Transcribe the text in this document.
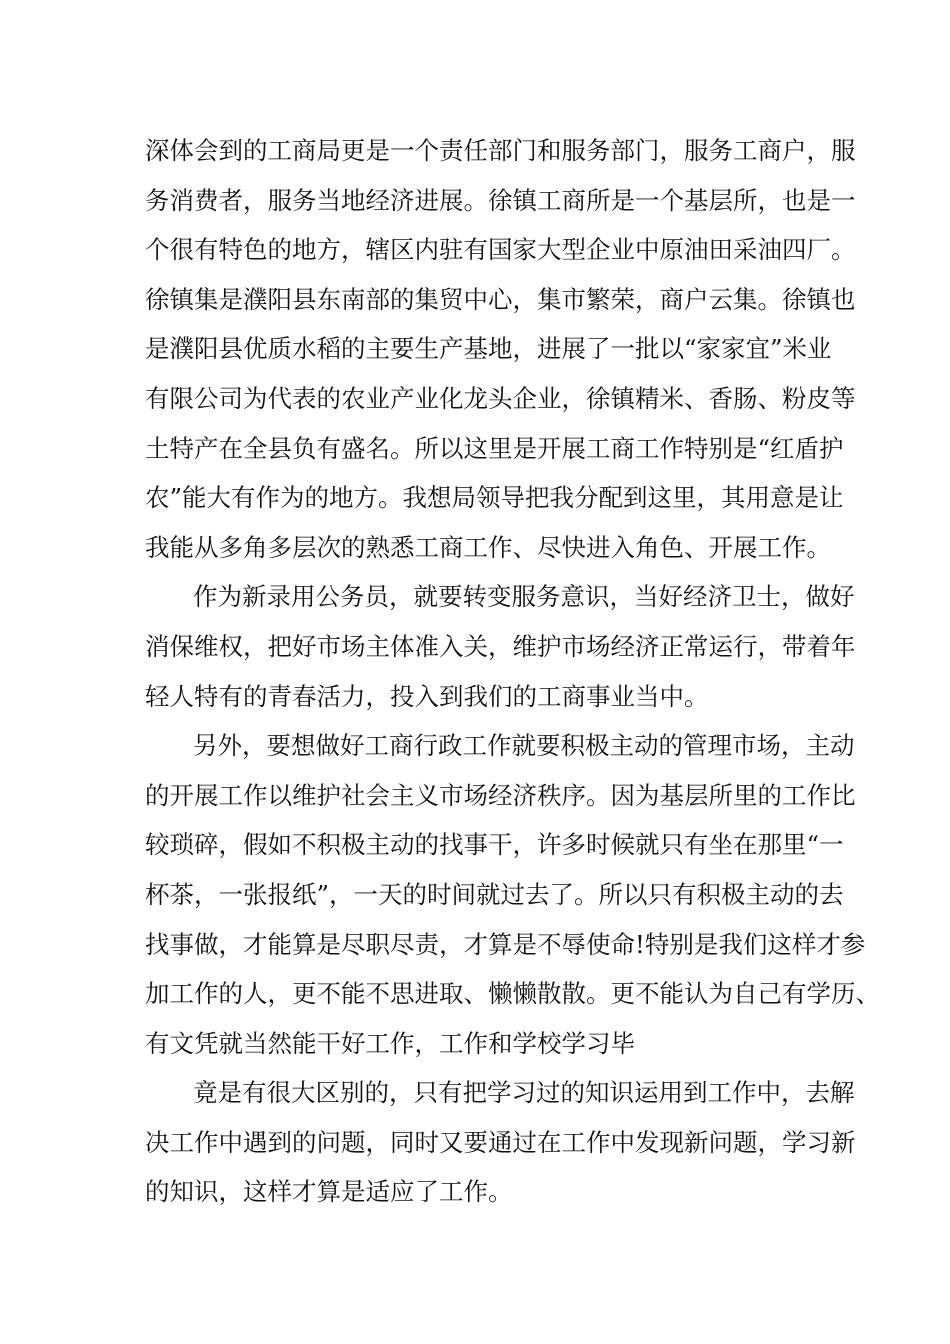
深体会到的工商局更是一个责任部门和服务部门，服务工商户，服

务消费者，服务当地经济进展。徐镇工商所是一个基层所，也是一

个很有特色的地方，辖区内驻有国家大型企业中原油田采油四厂。

徐镇集是濮阳县东南部的集贸中心，集市繁荣，商户云集。徐镇也

是濮阳县优质水稻的主要生产基地，进展了一批以“家家宜”米业

有限公司为代表的农业产业化龙头企业，徐镇精米、香肠、粉皮等

土特产在全县负有盛名。所以这里是开展工商工作特别是“红盾护

农”能大有作为的地方。我想局领导把我分配到这里，其用意是让

我能从多角多层次的熟悉工商工作、尽快进入角色、开展工作。

作为新录用公务员，就要转变服务意识，当好经济卫士，做好

消保维权，把好市场主体准入关，维护市场经济正常运行，带着年

轻人特有的青春活力，投入到我们的工商事业当中。

另外，要想做好工商行政工作就要积极主动的管理市场，主动

的开展工作以维护社会主义市场经济秩序。因为基层所里的工作比

较琐碎，假如不积极主动的找事干，许多时候就只有坐在那里“一

杯茶，一张报纸”，一天的时间就过去了。所以只有积极主动的去

找事做，才能算是尽职尽责，才算是不辱使命!特别是我们这样才参

加工作的人，更不能不思进取、懒懒散散。更不能认为自己有学历、

有文凭就当然能干好工作，工作和学校学习毕

竟是有很大区别的，只有把学习过的知识运用到工作中，去解

决工作中遇到的问题，同时又要通过在工作中发现新问题，学习新

的知识，这样才算是适应了工作。
